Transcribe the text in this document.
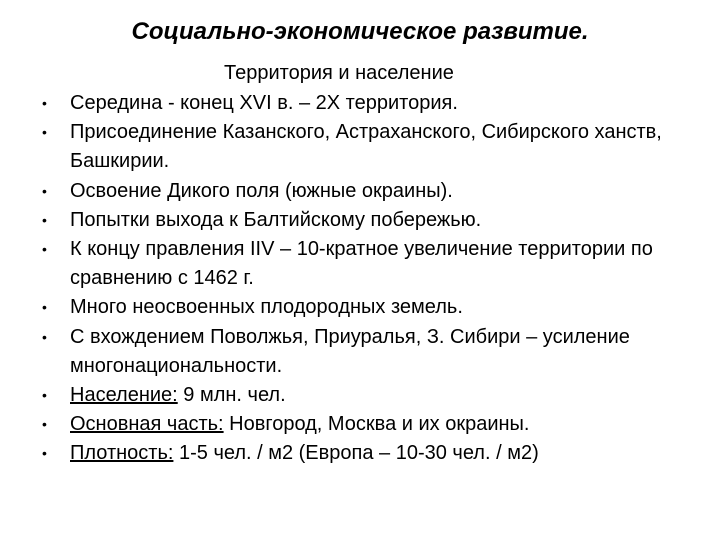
Социально-экономическое развитие.
Территория и население
•	Середина - конец XVI в. – 2Х территория.
•	Присоединение Казанского, Астраханского, Сибирского ханств, Башкирии.
•	Освоение Дикого поля (южные окраины).
•	Попытки выхода к Балтийскому побережью.
•	К концу правления IIV – 10-кратное увеличение территории по сравнению с 1462 г.
•	Много неосвоенных плодородных земель.
•	С вхождением Поволжья, Приуралья, З. Сибири – усиление многонациональности.
•	Население: 9 млн. чел.
•	Основная часть: Новгород, Москва и их окраины.
•	Плотность: 1-5 чел. / м2 (Европа – 10-30 чел. / м2)
